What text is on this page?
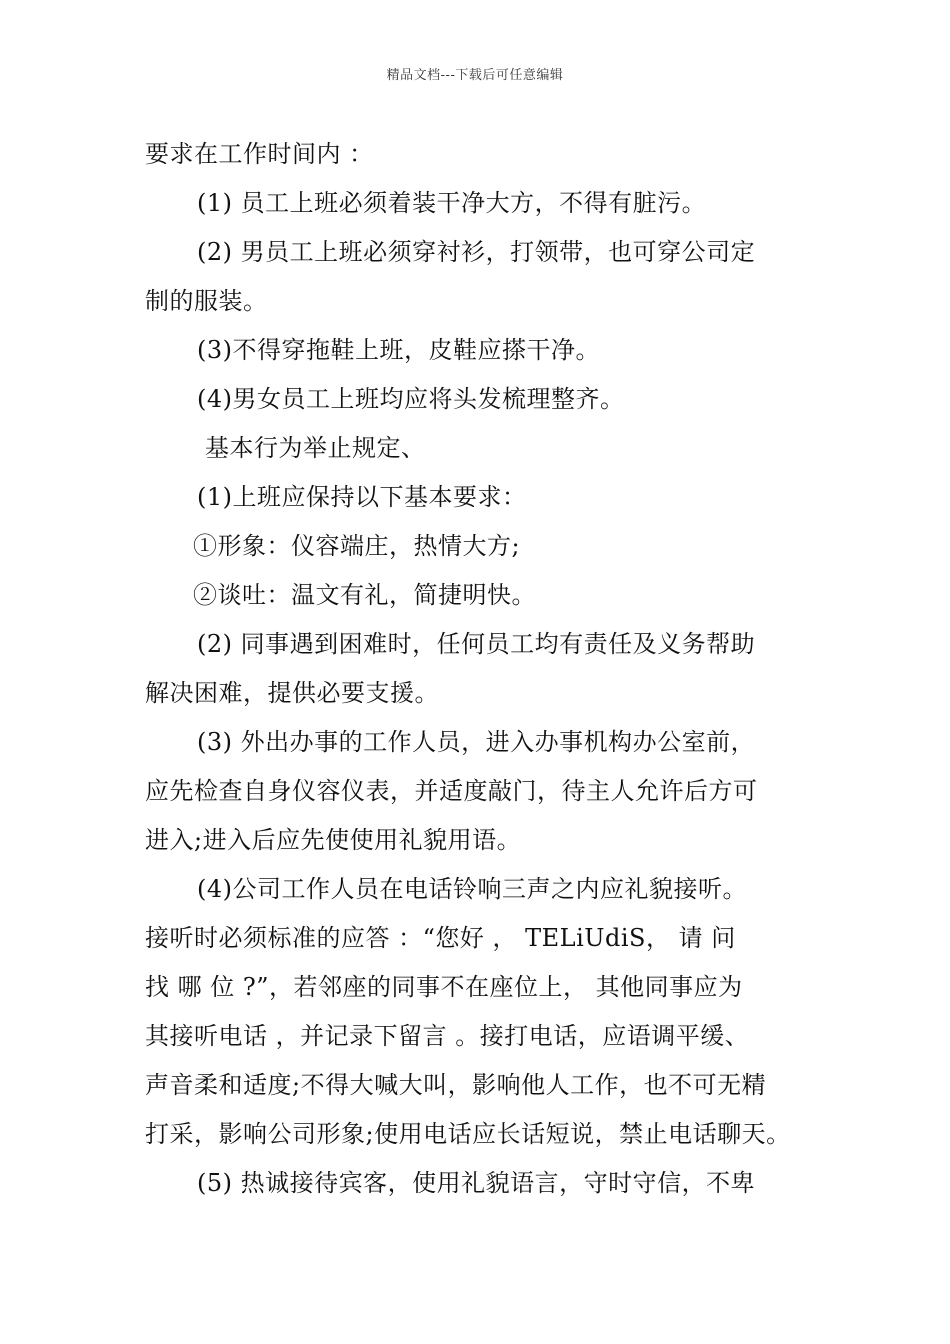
精品文档---下载后可任意编辑
要求在工作时间内 ：
(1) 员工上班必须着装干净大方，不得有脏污。
(2) 男员工上班必须穿衬衫，打领带，也可穿公司定
制的服装。
(3)不得穿拖鞋上班，皮鞋应搽干净。
(4)男女员工上班均应将头发梳理整齐。
基本行为举止规定、
(1)上班应保持以下基本要求：
①形象：仪容端庄，热情大方;
②谈吐：温文有礼，简捷明快。
(2) 同事遇到困难时，任何员工均有责任及义务帮助
解决困难，提供必要支援。
(3) 外出办事的工作人员，进入办事机构办公室前，
应先检查自身仪容仪表，并适度敲门，待主人允许后方可
进入;进入后应先使使用礼貌用语。
(4)公司工作人员在电话铃响三声之内应礼貌接听。
接听时必须标准的应答 ：“您好 ， TELiUdiS， 请 问
找 哪 位 ?”，若邻座的同事不在座位上， 其他同事应为
其接听电话 ，并记录下留言 。接打电话，应语调平缓、
声音柔和适度;不得大喊大叫，影响他人工作，也不可无精
打采，影响公司形象;使用电话应长话短说，禁止电话聊天。
(5) 热诚接待宾客，使用礼貌语言，守时守信，不卑
